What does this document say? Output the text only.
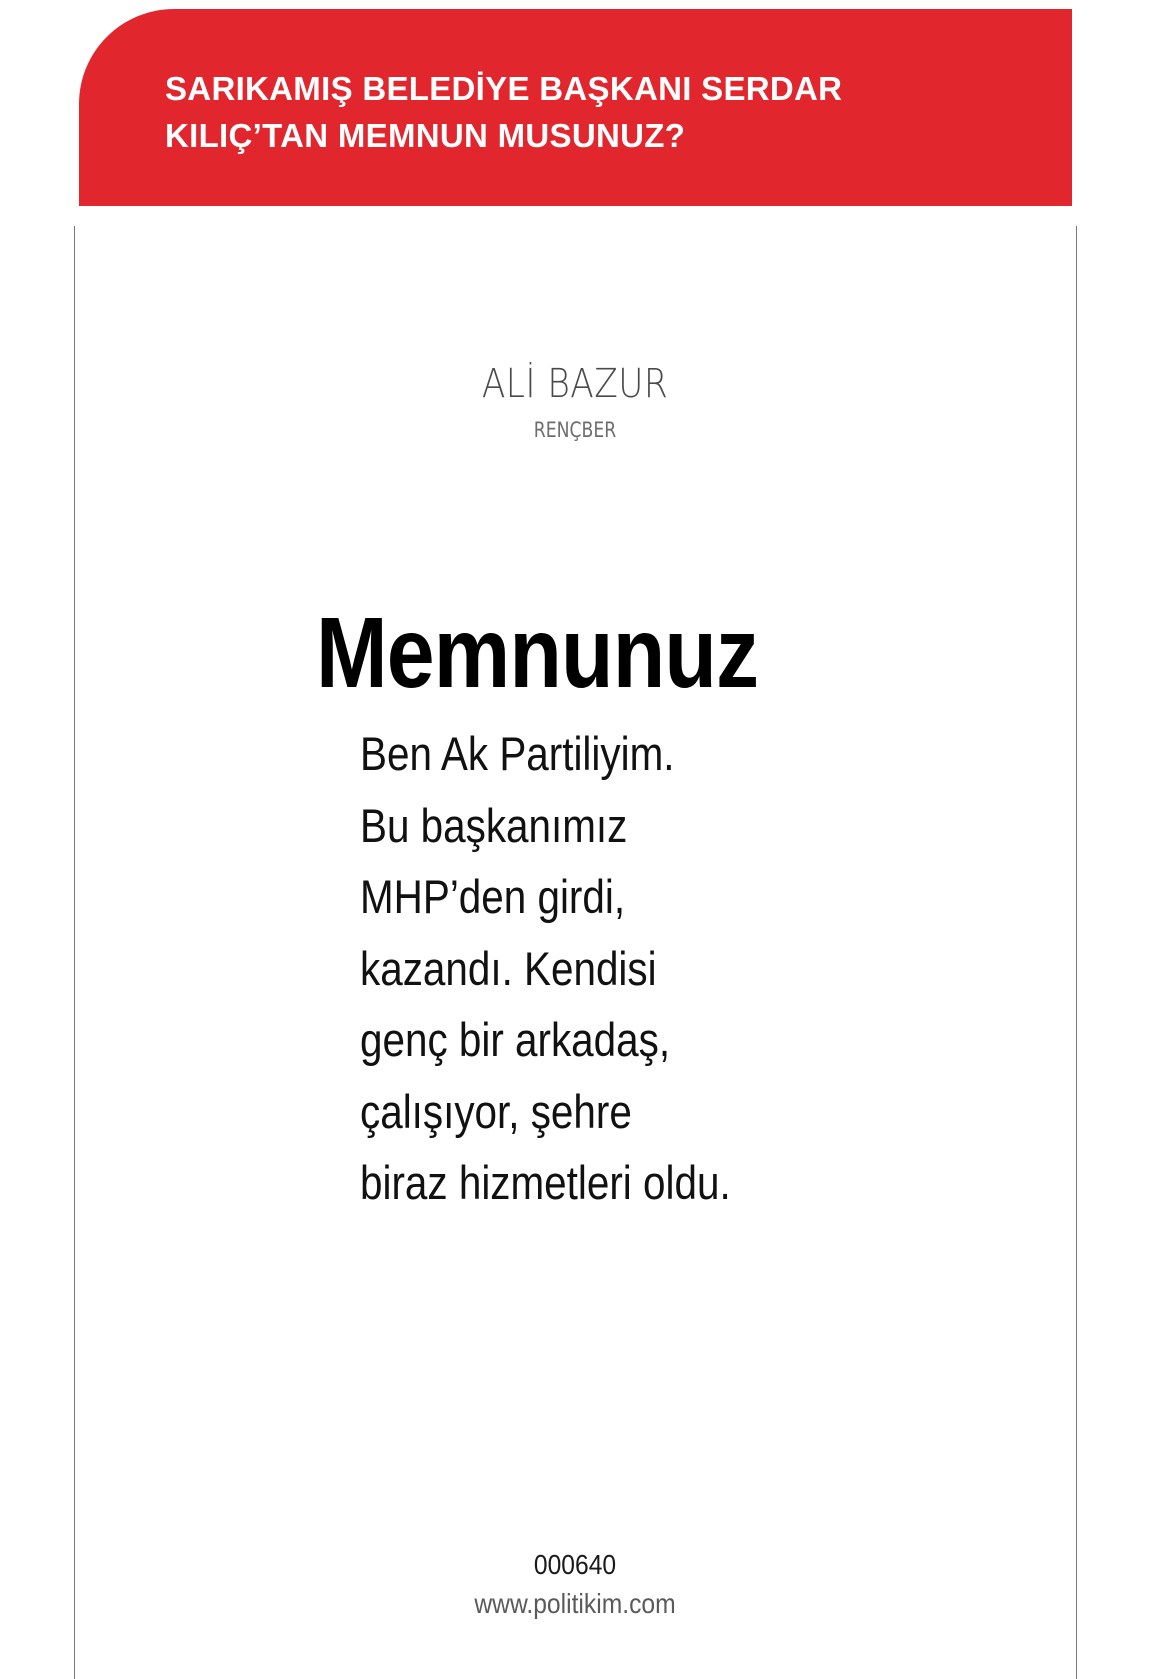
SARIKAMIŞ BELEDİYE BAŞKANI SERDAR KILIÇ’TAN MEMNUN MUSUNUZ?
ALİ BAZUR
RENÇBER
Memnunuz
Ben Ak Partiliyim.
Bu başkanımız
MHP’den girdi,
kazandı. Kendisi
genç bir arkadaş,
çalışıyor, şehre
biraz hizmetleri oldu.
000640
www.politikim.com
